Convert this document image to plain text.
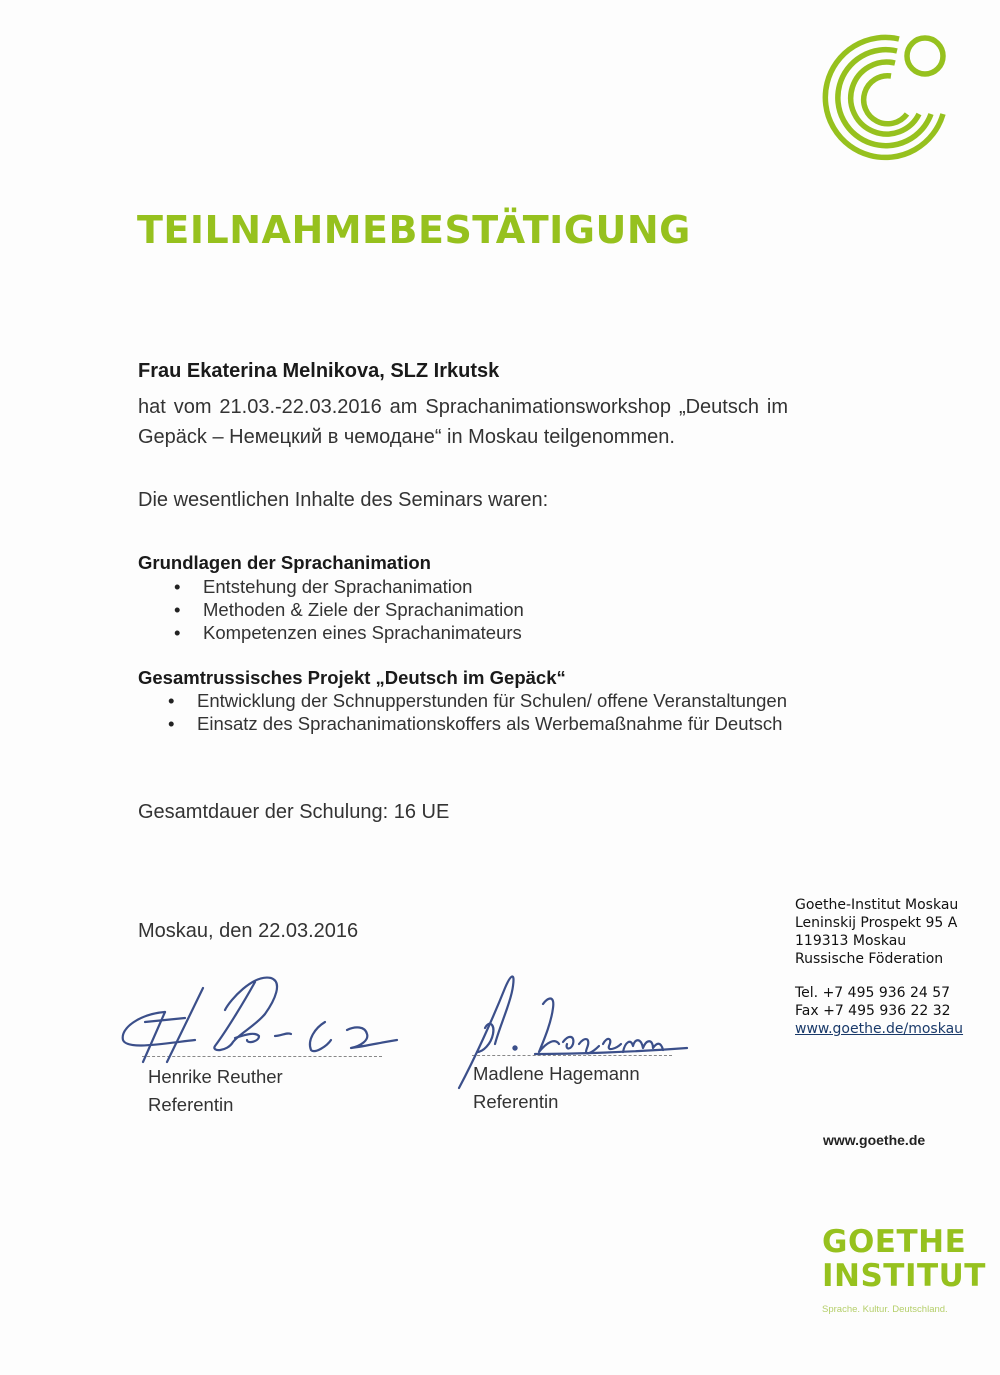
TEILNAHMEBESTÄTIGUNG
Frau Ekaterina Melnikova, SLZ Irkutsk
hat vom 21.03.-22.03.2016 am Sprachanimationsworkshop „Deutsch im Gepäck – Немецкий в чемодане“ in Moskau teilgenommen.
Die wesentlichen Inhalte des Seminars waren:
Grundlagen der Sprachanimation
• Entstehung der Sprachanimation
• Methoden & Ziele der Sprachanimation
• Kompetenzen eines Sprachanimateurs
Gesamtrussisches Projekt „Deutsch im Gepäck“
• Entwicklung der Schnupperstunden für Schulen/ offene Veranstaltungen
• Einsatz des Sprachanimationskoffers als Werbemaßnahme für Deutsch
Gesamtdauer der Schulung: 16 UE
Moskau, den 22.03.2016
Henrike Reuther
Referentin
Madlene Hagemann
Referentin
Goethe-Institut Moskau
Leninskij Prospekt 95 A
119313 Moskau
Russische Föderation
Tel. +7 495 936 24 57
Fax +7 495 936 22 32
www.goethe.de/moskau
www.goethe.de
GOETHE
INSTITUT
Sprache. Kultur. Deutschland.
